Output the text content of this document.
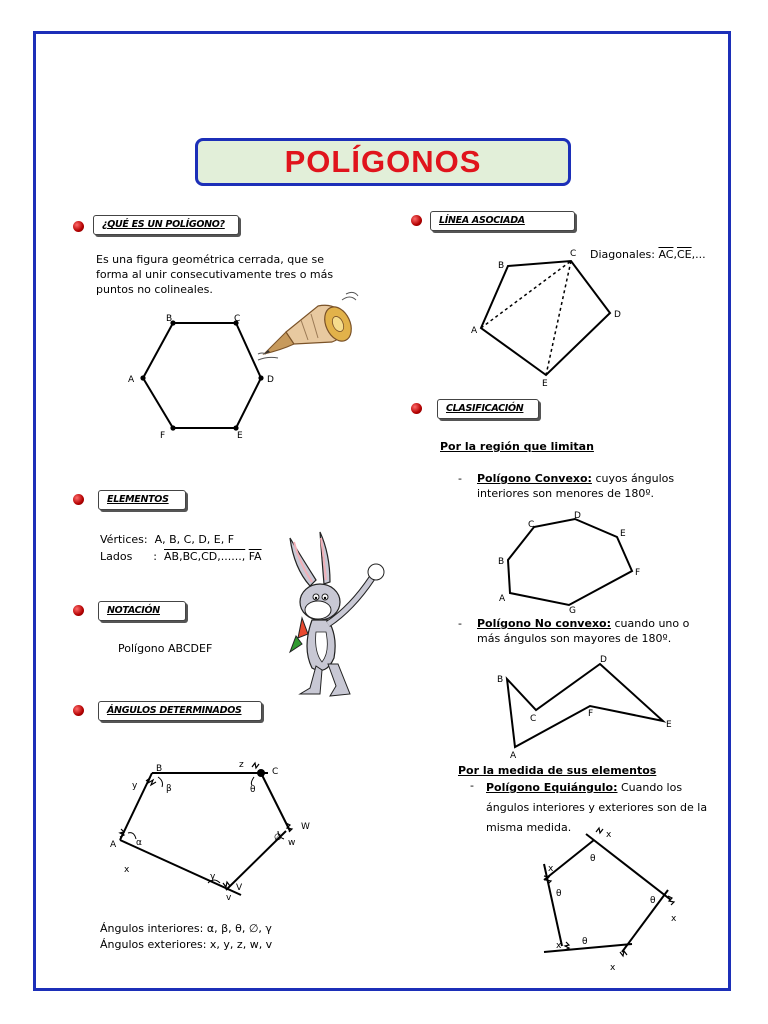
POLÍGONOS
¿QUÉ ES UN POLÍGONO?
Es una figura geométrica cerrada, que se forma al unir consecutivamente tres o más puntos no colineales.
A
B	C
D
E
F
ELEMENTOS
Vértices: A, B, C, D, E, F
Lados      :  AB,BC,CD,......, $\overline{FA}$
NOTACIÓN
Polígono ABCDEF
ÁNGULOS DETERMINADOS
A
B	C
V
W
x
y
z
w
v
α
β	θ
∅
γ
Ángulos interiores: α, β, θ, ∅, γ
Ángulos exteriores: x, y, z, w, v
LÍNEA ASOCIADA
A
B
C
D
E
Diagonales: $\overline{AC},\overline{CE}$,...
CLASIFICACIÓN
Por la región que limitan
- Polígono Convexo: cuyos ángulos interiores son menores de 180º.
A
B
C
D
E
F
G
- Polígono No convexo: cuando uno o más ángulos son mayores de 180º.
A
B
C
D
E
F
Por la medida de sus elementos
- Polígono Equiángulo: Cuando los ángulos interiores y exteriores son de la misma medida.
θ
θ
θ
θ
x
x
x
x
x
